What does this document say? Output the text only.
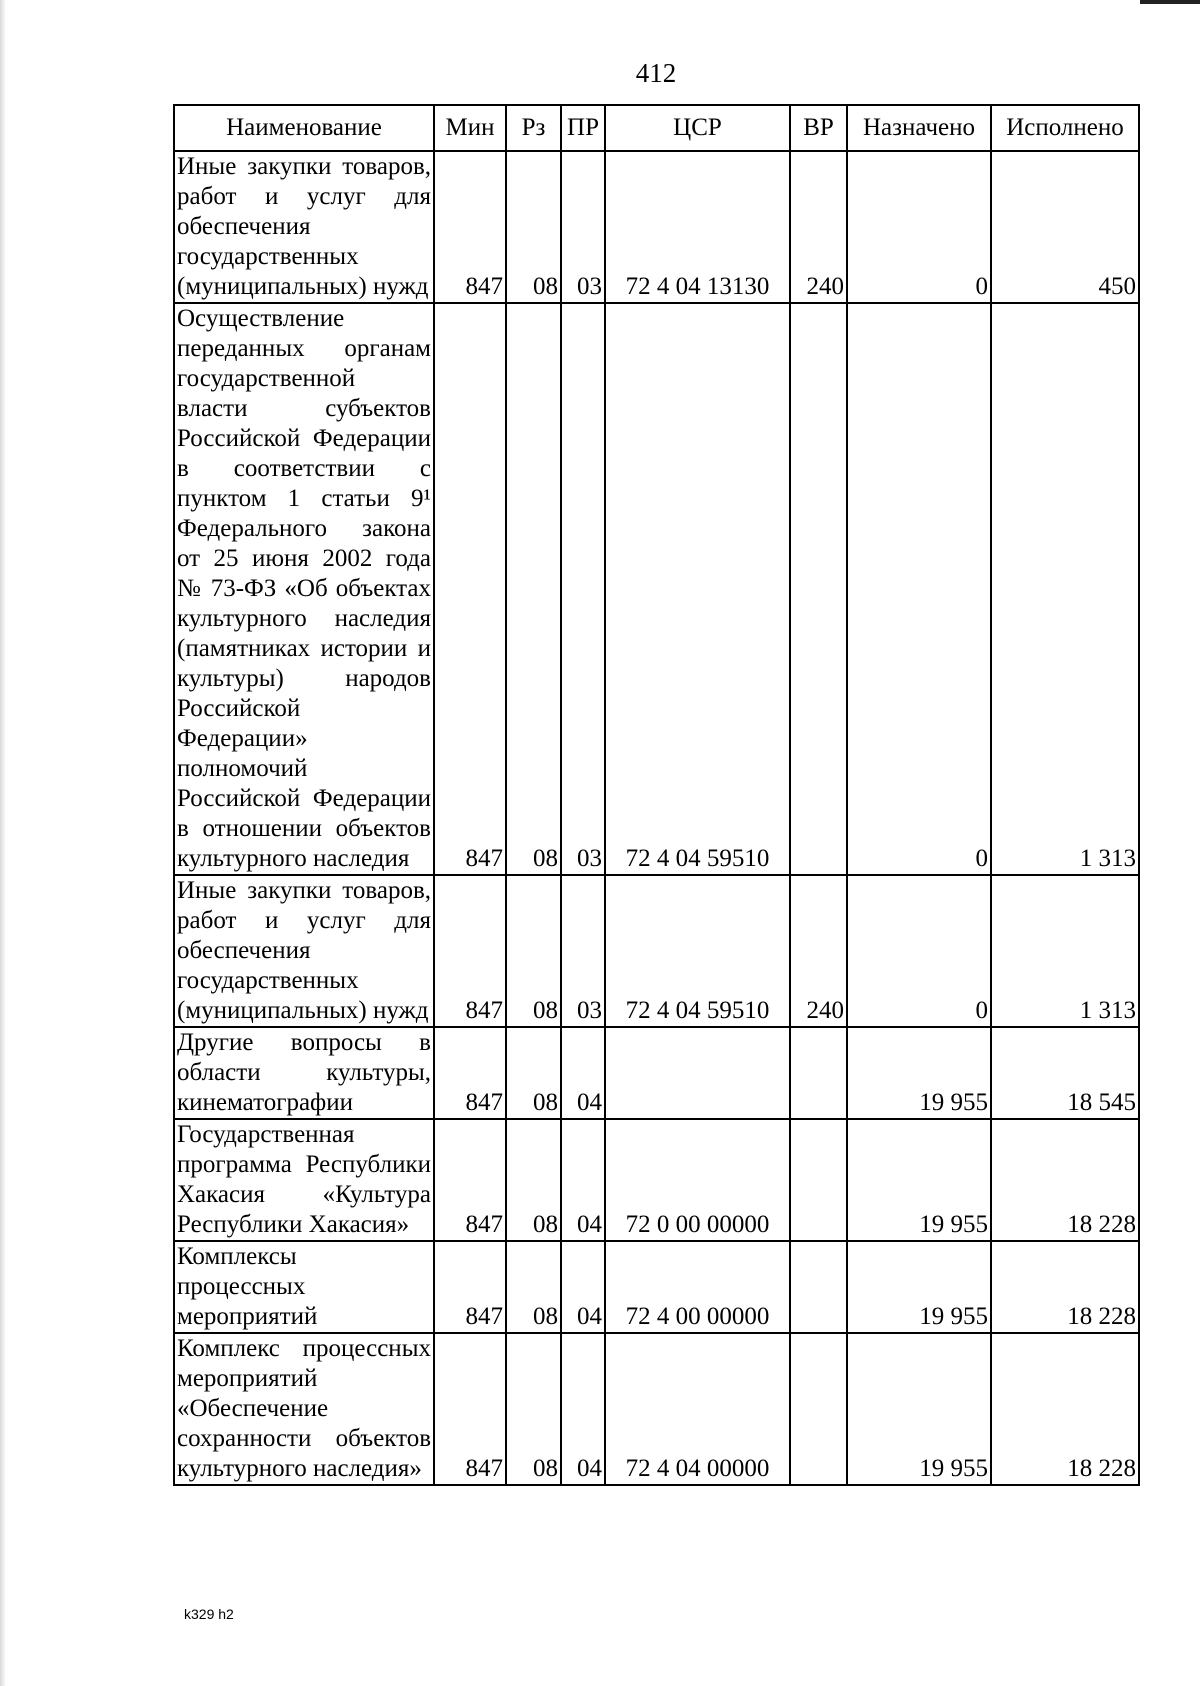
412
Наименование	Мин	Рз	ПР	ЦСР	ВР	Назначено	Исполнено
Иные закупки товаров, работ и услуг для обеспечения государственных (муниципальных) нужд	847	08	03	72 4 04 13130	240	0	450
Осуществление переданных органам государственной власти субъектов Российской Федерации в соответствии с пунктом 1 статьи 9¹ Федерального закона от 25 июня 2002 года № 73-ФЗ «Об объектах культурного наследия (памятниках истории и культуры) народов Российской Федерации» полномочий Российской Федерации в отношении объектов культурного наследия	847	08	03	72 4 04 59510		0	1 313
Иные закупки товаров, работ и услуг для обеспечения государственных (муниципальных) нужд	847	08	03	72 4 04 59510	240	0	1 313
Другие вопросы в области культуры, кинематографии	847	08	04			19 955	18 545
Государственная программа Республики Хакасия «Культура Республики Хакасия»	847	08	04	72 0 00 00000		19 955	18 228
Комплексы процессных мероприятий	847	08	04	72 4 00 00000		19 955	18 228
Комплекс процессных мероприятий «Обеспечение сохранности объектов культурного наследия»	847	08	04	72 4 04 00000		19 955	18 228
k329 h2
